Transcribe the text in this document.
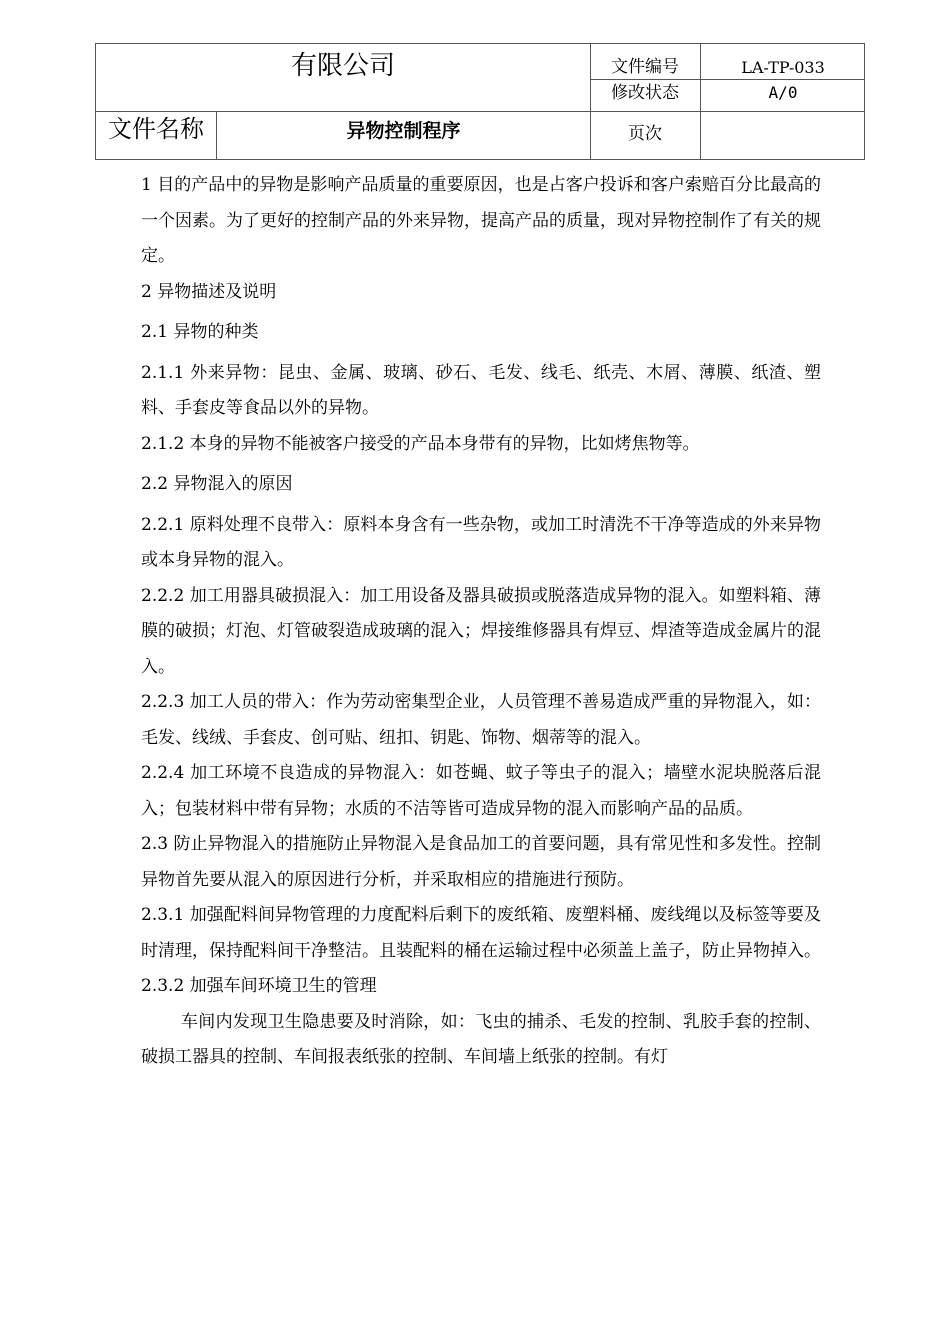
有限公司	文件编号	LA-TP-033
修改状态	A/0
文件名称	异物控制程序	页次

1 目的产品中的异物是影响产品质量的重要原因，也是占客户投诉和客户索赔百分比最高的一个因素。为了更好的控制产品的外来异物，提高产品的质量，现对异物控制作了有关的规定。

2 异物描述及说明

2.1 异物的种类

2.1.1 外来异物：昆虫、金属、玻璃、砂石、毛发、线毛、纸壳、木屑、薄膜、纸渣、塑料、手套皮等食品以外的异物。

2.1.2 本身的异物不能被客户接受的产品本身带有的异物，比如烤焦物等。

2.2 异物混入的原因

2.2.1 原料处理不良带入：原料本身含有一些杂物，或加工时清洗不干净等造成的外来异物或本身异物的混入。

2.2.2 加工用器具破损混入：加工用设备及器具破损或脱落造成异物的混入。如塑料箱、薄膜的破损；灯泡、灯管破裂造成玻璃的混入；焊接维修器具有焊豆、焊渣等造成金属片的混入。

2.2.3 加工人员的带入：作为劳动密集型企业，人员管理不善易造成严重的异物混入，如：毛发、线绒、手套皮、创可贴、纽扣、钥匙、饰物、烟蒂等的混入。

2.2.4 加工环境不良造成的异物混入：如苍蝇、蚊子等虫子的混入；墙壁水泥块脱落后混入；包装材料中带有异物；水质的不洁等皆可造成异物的混入而影响产品的品质。

2.3 防止异物混入的措施防止异物混入是食品加工的首要问题，具有常见性和多发性。控制异物首先要从混入的原因进行分析，并采取相应的措施进行预防。

2.3.1 加强配料间异物管理的力度配料后剩下的废纸箱、废塑料桶、废线绳以及标签等要及时清理，保持配料间干净整洁。且装配料的桶在运输过程中必须盖上盖子，防止异物掉入。2.3.2 加强车间环境卫生的管理

车间内发现卫生隐患要及时消除，如：飞虫的捕杀、毛发的控制、乳胶手套的控制、破损工器具的控制、车间报表纸张的控制、车间墙上纸张的控制。有灯
